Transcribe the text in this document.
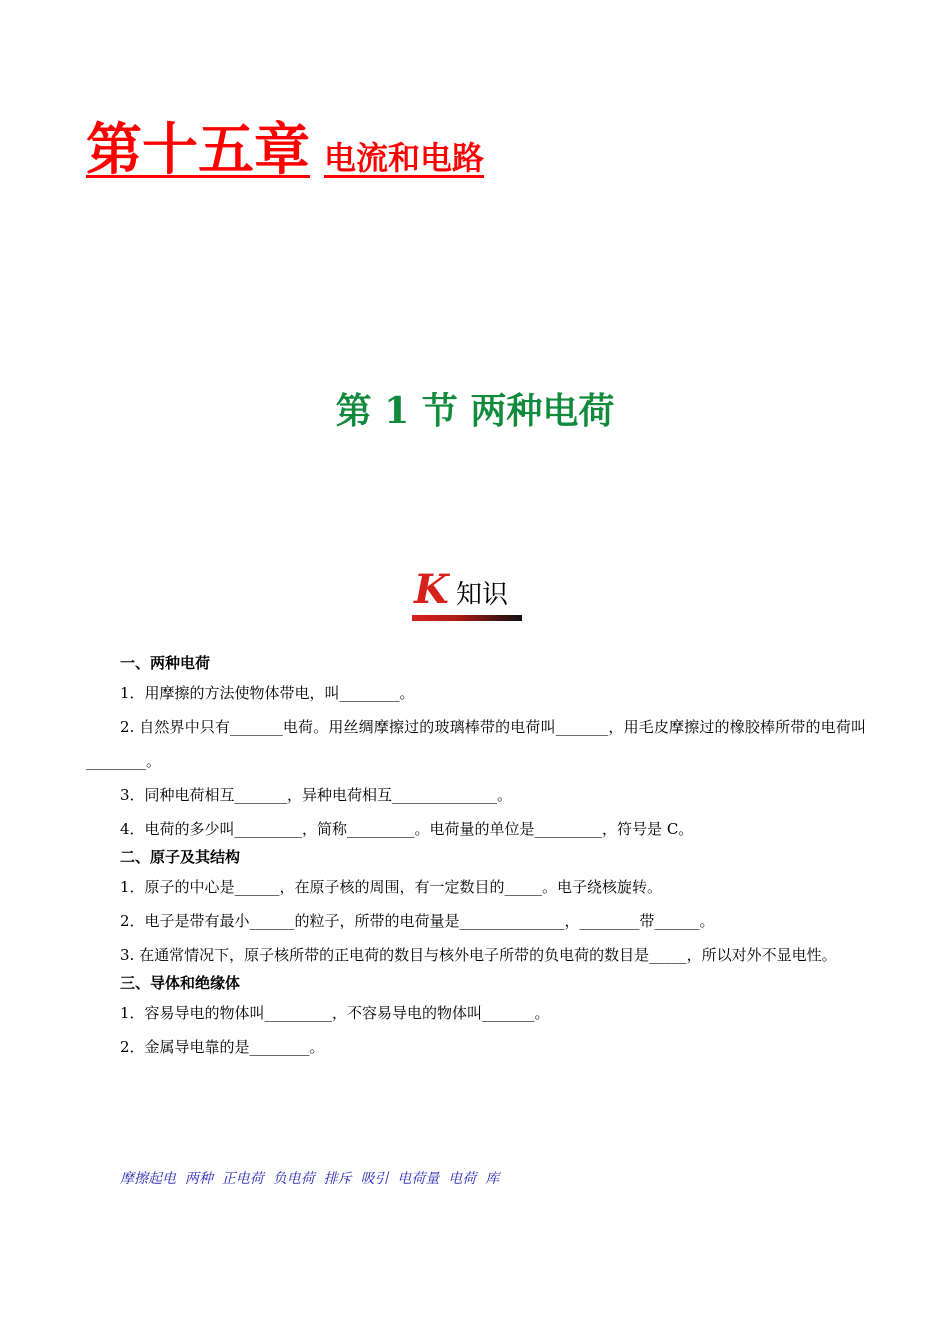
第十五章 电流和电路
第 1 节 两种电荷
K 知识

一、两种电荷

1．用摩擦的方法使物体带电，叫________。

2. 自然界中只有_______电荷。用丝绸摩擦过的玻璃棒带的电荷叫_______，用毛皮摩擦过的橡胶棒所带的电荷叫________。

3．同种电荷相互_______，异种电荷相互______________。

4．电荷的多少叫_________，简称_________。电荷量的单位是_________，符号是 C。

二、原子及其结构

1．原子的中心是______，在原子核的周围，有一定数目的_____。电子绕核旋转。

2．电子是带有最小______的粒子，所带的电荷量是______________，________带______。

3. 在通常情况下，原子核所带的正电荷的数目与核外电子所带的负电荷的数目是_____，所以对外不显电性。

三、导体和绝缘体

1．容易导电的物体叫_________，不容易导电的物体叫_______。

2．金属导电靠的是________。

摩擦起电  两种  正电荷  负电荷  排斥  吸引  电荷量  电荷  库
